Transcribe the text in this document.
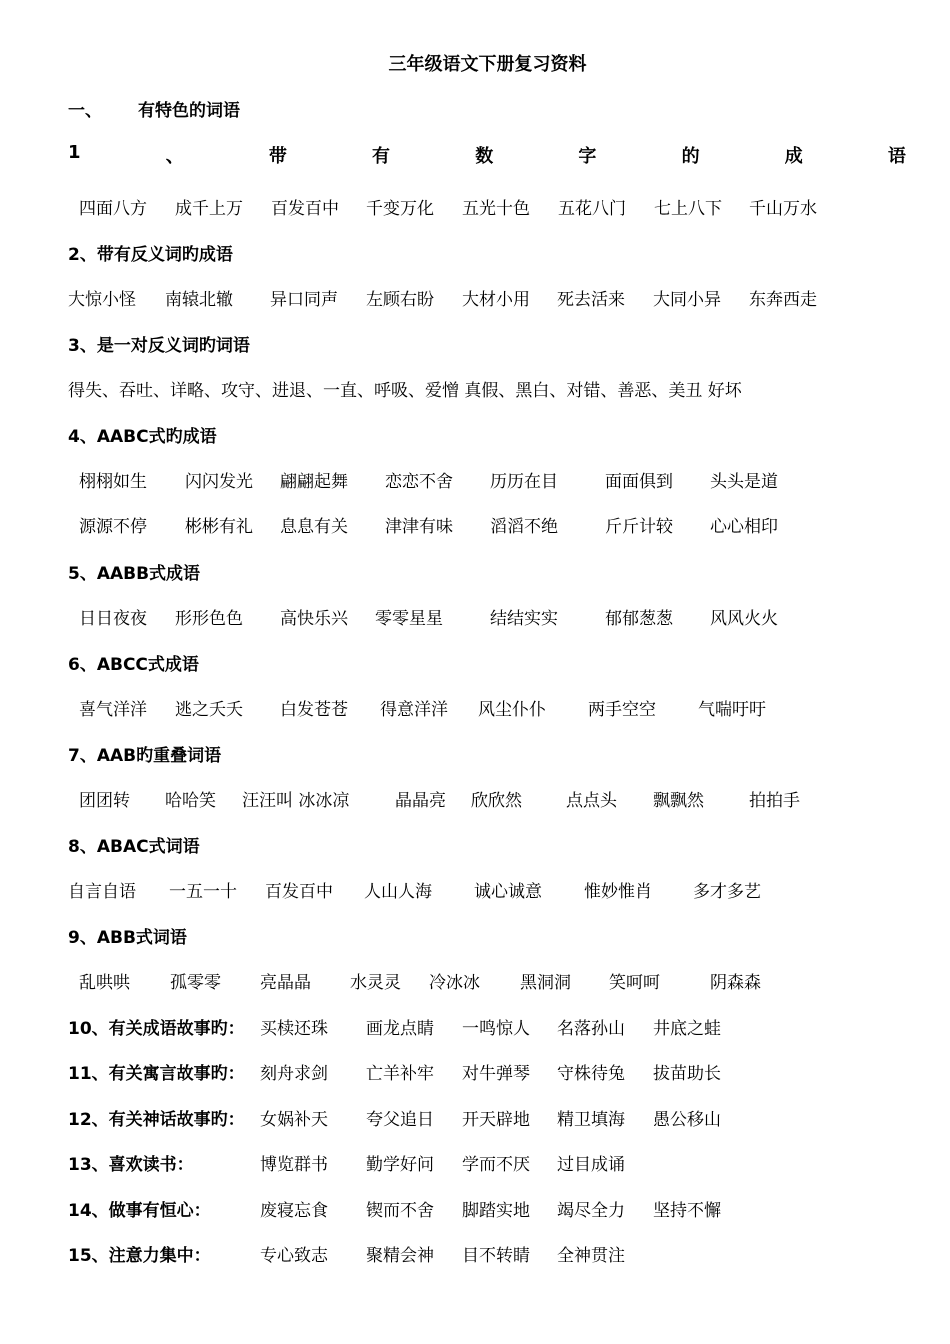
三年级语文下册复习资料
一、 有特色的词语
1	、	带	有	数	字	的	成	语
四面八方 成千上万 百发百中 千变万化 五光十色 五花八门 七上八下 千山万水
2、带有反义词旳成语
大惊小怪 南辕北辙 异口同声 左顾右盼 大材小用 死去活来 大同小异 东奔西走
3、是一对反义词旳词语
得失、吞吐、详略、攻守、进退、一直、呼吸、爱憎 真假、黑白、对错、善恶、美丑 好坏
4、AABC式旳成语
栩栩如生 闪闪发光 翩翩起舞 恋恋不舍 历历在目	面面俱到 头头是道
源源不停 彬彬有礼 息息有关 津津有味 滔滔不绝	斤斤计较 心心相印
5、AABB式成语
日日夜夜 形形色色 高快乐兴 零零星星	结结实实	郁郁葱葱 风风火火
6、ABCC式成语
喜气洋洋 逃之夭夭 白发苍苍 得意洋洋 风尘仆仆 两手空空 气喘吁吁
7、AAB旳重叠词语
团团转 哈哈笑 汪汪叫 冰冰凉	晶晶亮 欣欣然	点点头 飘飘然	拍拍手
8、ABAC式词语
自言自语 一五一十 百发百中 人山人海 诚心诚意 惟妙惟肖 多才多艺
9、ABB式词语
乱哄哄 孤零零 亮晶晶 水灵灵 冷冰冰 黑洞洞 笑呵呵	阴森森
10、有关成语故事旳： 买椟还珠 画龙点睛 一鸣惊人 名落孙山 井底之蛙
11、有关寓言故事旳： 刻舟求剑 亡羊补牢 对牛弹琴 守株待兔 拔苗助长
12、有关神话故事旳： 女娲补天 夸父追日 开天辟地 精卫填海 愚公移山
13、喜欢读书：	博览群书 勤学好问 学而不厌 过目成诵
14、做事有恒心：	废寝忘食 锲而不舍 脚踏实地 竭尽全力 坚持不懈
15、注意力集中：	专心致志 聚精会神 目不转睛 全神贯注
